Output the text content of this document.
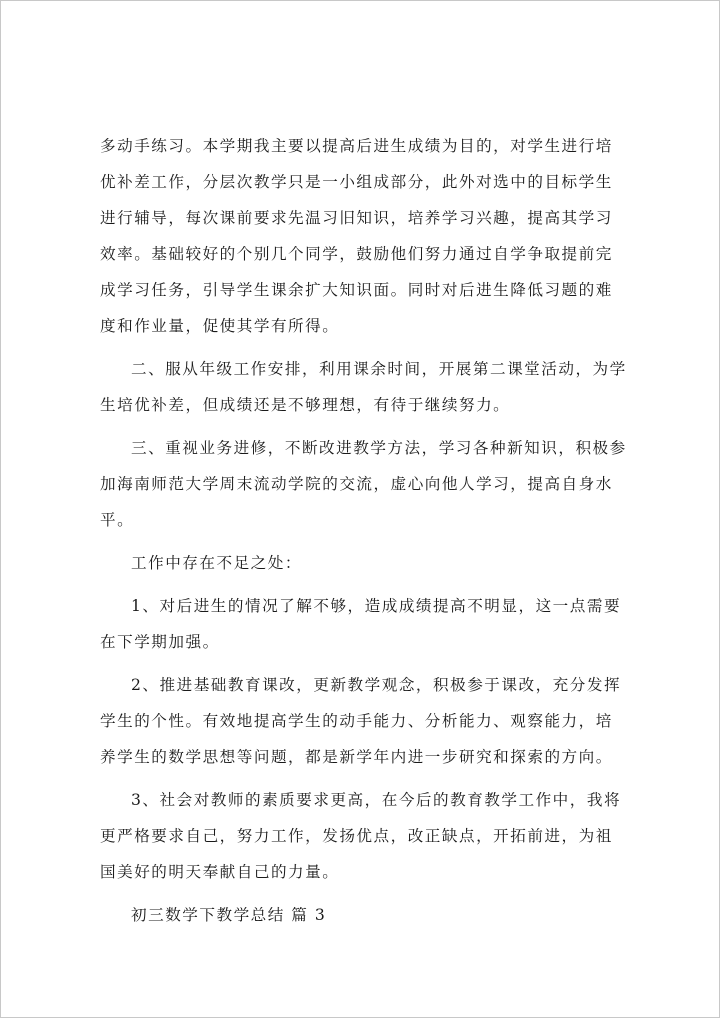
多动手练习。本学期我主要以提高后进生成绩为目的，对学生进行培优补差工作，分层次教学只是一小组成部分，此外对选中的目标学生进行辅导，每次课前要求先温习旧知识，培养学习兴趣，提高其学习效率。基础较好的个别几个同学，鼓励他们努力通过自学争取提前完成学习任务，引导学生课余扩大知识面。同时对后进生降低习题的难度和作业量，促使其学有所得。

二、服从年级工作安排，利用课余时间，开展第二课堂活动，为学生培优补差，但成绩还是不够理想，有待于继续努力。

三、重视业务进修，不断改进教学方法，学习各种新知识，积极参加海南师范大学周末流动学院的交流，虚心向他人学习，提高自身水平。

工作中存在不足之处：

1、对后进生的情况了解不够，造成成绩提高不明显，这一点需要在下学期加强。

2、推进基础教育课改，更新教学观念，积极参于课改，充分发挥学生的个性。有效地提高学生的动手能力、分析能力、观察能力，培养学生的数学思想等问题，都是新学年内进一步研究和探索的方向。

3、社会对教师的素质要求更高，在今后的教育教学工作中，我将更严格要求自己，努力工作，发扬优点，改正缺点，开拓前进，为祖国美好的明天奉献自己的力量。

初三数学下教学总结 篇 3
